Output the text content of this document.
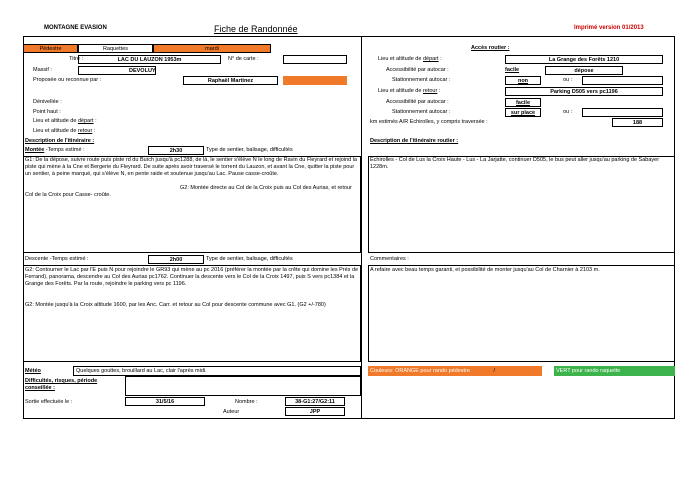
MONTAGNE EVASION	Fiche de Randonnée	Imprimé version 01/2013
Pédestre	Raquettes	mardi
Titre :	LAC DU LAUZON 1953m	N° de carte :
Massif :	DEVOLUY
Proposée ou reconnue par :	Raphaël Martinez
Dénivellée :
Point haut :
Lieu et altitude de départ :
Lieu et altitude de retour :
Description de l'itinéraire :
Montée -Temps estimé :	2h30	Type de sentier, balisage, difficultés
G1: De la dépose, suivre route puis piste rd du Buïch jusqu'à pc1288, de là, le sentier s'élève N le long de Ravin du Fleyrard et rejoind la piste qui mène à la Cne et Bergerie du Fleyrard. De suite après avoir traversé le torrent du Lauzon, et avant la Cne, quitter la piste pour un sentier, à peine marqué, qui s'élève N, en pente raide et soutenue jusqu'au Lac. Pause casse-croûte.
G2: Montée directe au Col de la Croix puis au Col des Aurias, et retour Col de la Croix pour Casse- croûte.
Descente -Temps estimé :	2h00	Type de sentier, balisage, difficultés
G2: Contourner le Lac par l'E puis N pour rejoindre le GR93 qui mène au pc 2016 (préférer la montée par la crête qui domine les Prés de Ferrand), panorama, descendre au Col des Aurias pc1762. Continuer la descente vers le Col de la Croix 1497, puis S vers pc1384 et la Grange des Forêts. Par la route, rejoindre le parking vers pc 1196.
G2: Montée jusqu'à la Croix altitude 1600, par les Anc. Carr. et retour au Col pour descente commune avec G1. (G2 +/-780)
Météo	Quelques gouttes, brouillard au Lac, clair l'après midi.
Difficultés, risques, période conseillée :
Sortie effectuée le :	31/5/16	Nombre :	38-G1:27/G2:11
Auteur	JPP
Accès routier :
Lieu et altitude de départ :	La Grange des Forêts 1210
Accessibilité par autocar :	facile	dépose
Stationnement autocar :	non	ou :
Lieu et altitude de retour :	Parking D505 vers pc1196
Accessibilité par autocar :	facile
Stationnement autocar :	sur place	ou :
km estimés A/R Echirolles, y compris traversée :	188
Description de l'itinéraire routier :
Echirolles - Col de Lus la Croix Haute - Lus - La Jarjatte, continuer D505, le bus peut aller jusqu'au parking de Sabayer 1228m.
Commentaires :
A refaire avec beau temps garanti, et possibilité de monter jusqu'au Col de Charnier à 2103 m.
Couleurs: ORANGE pour rando pédestre	/	VERT pour rando raquette
